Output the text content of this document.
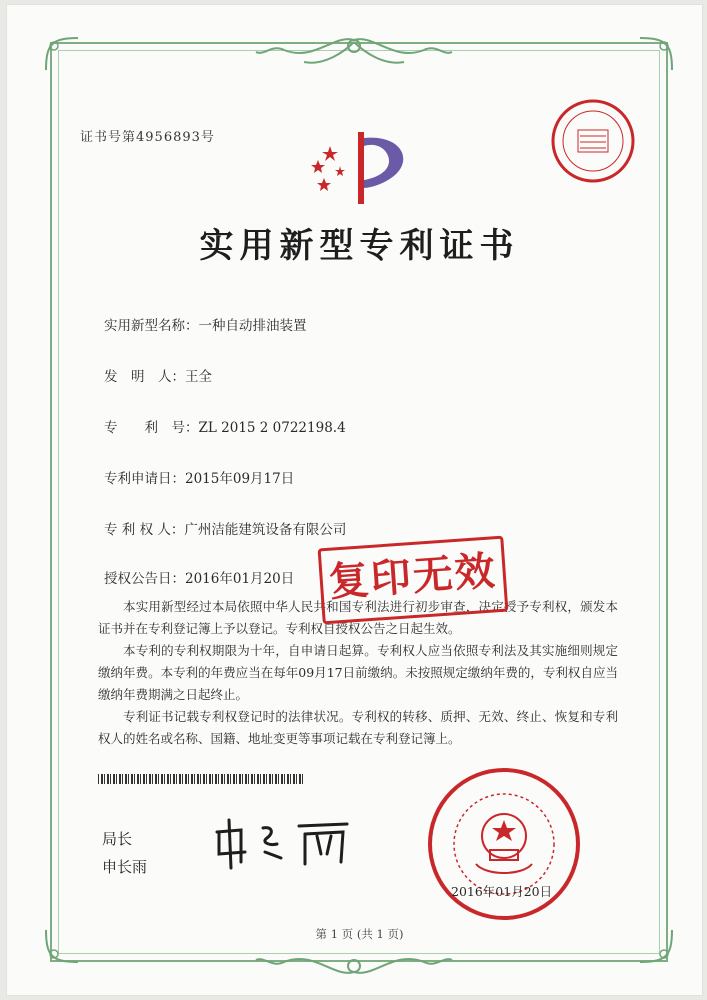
证书号第4956893号
实用新型专利证书
实用新型名称：一种自动排油装置
发　明　人：王全
专　　利　号：ZL 2015 2 0722198.4
专利申请日：2015年09月17日
专 利 权 人：广州洁能建筑设备有限公司
授权公告日：2016年01月20日

本实用新型经过本局依照中华人民共和国专利法进行初步审查，决定授予专利权，颁发本证书并在专利登记簿上予以登记。专利权自授权公告之日起生效。

本专利的专利权期限为十年，自申请日起算。专利权人应当依照专利法及其实施细则规定缴纳年费。本专利的年费应当在每年09月17日前缴纳。未按照规定缴纳年费的，专利权自应当缴纳年费期满之日起终止。

专利证书记载专利权登记时的法律状况。专利权的转移、质押、无效、终止、恢复和专利权人的姓名或名称、国籍、地址变更等事项记载在专利登记簿上。

复印无效
局长
申长雨
2016年01月20日
第 1 页 (共 1 页)
